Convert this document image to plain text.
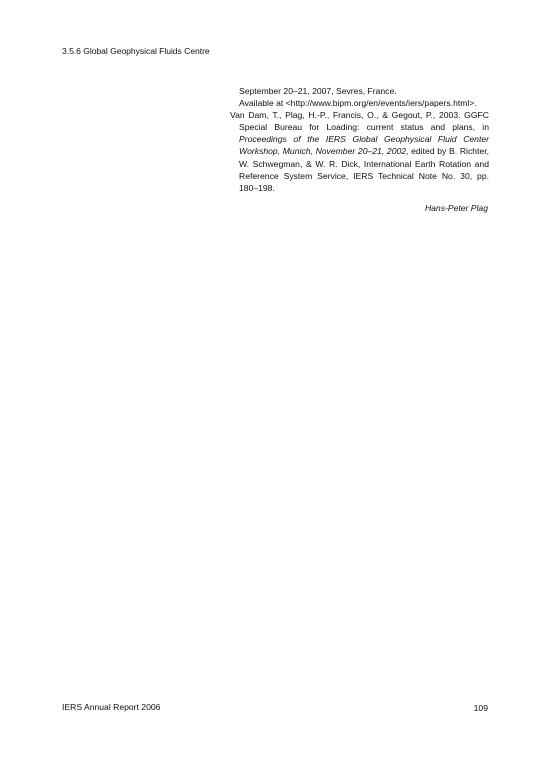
3.5.6 Global Geophysical Fluids Centre

September 20–21, 2007, Sevres, France.
Available at <http://www.bipm.org/en/events/iers/papers.html>.

Van Dam, T., Plag, H.-P., Francis, O., & Gegout, P., 2003. GGFC Special Bureau for Loading: current status and plans, in Proceedings of the IERS Global Geophysical Fluid Center Workshop, Munich, November 20–21, 2002, edited by B. Richter, W. Schwegman, & W. R. Dick, International Earth Rotation and Reference System Service, IERS Technical Note No. 30, pp. 180–198.

Hans-Peter Plag
IERS Annual Report 2006	109
